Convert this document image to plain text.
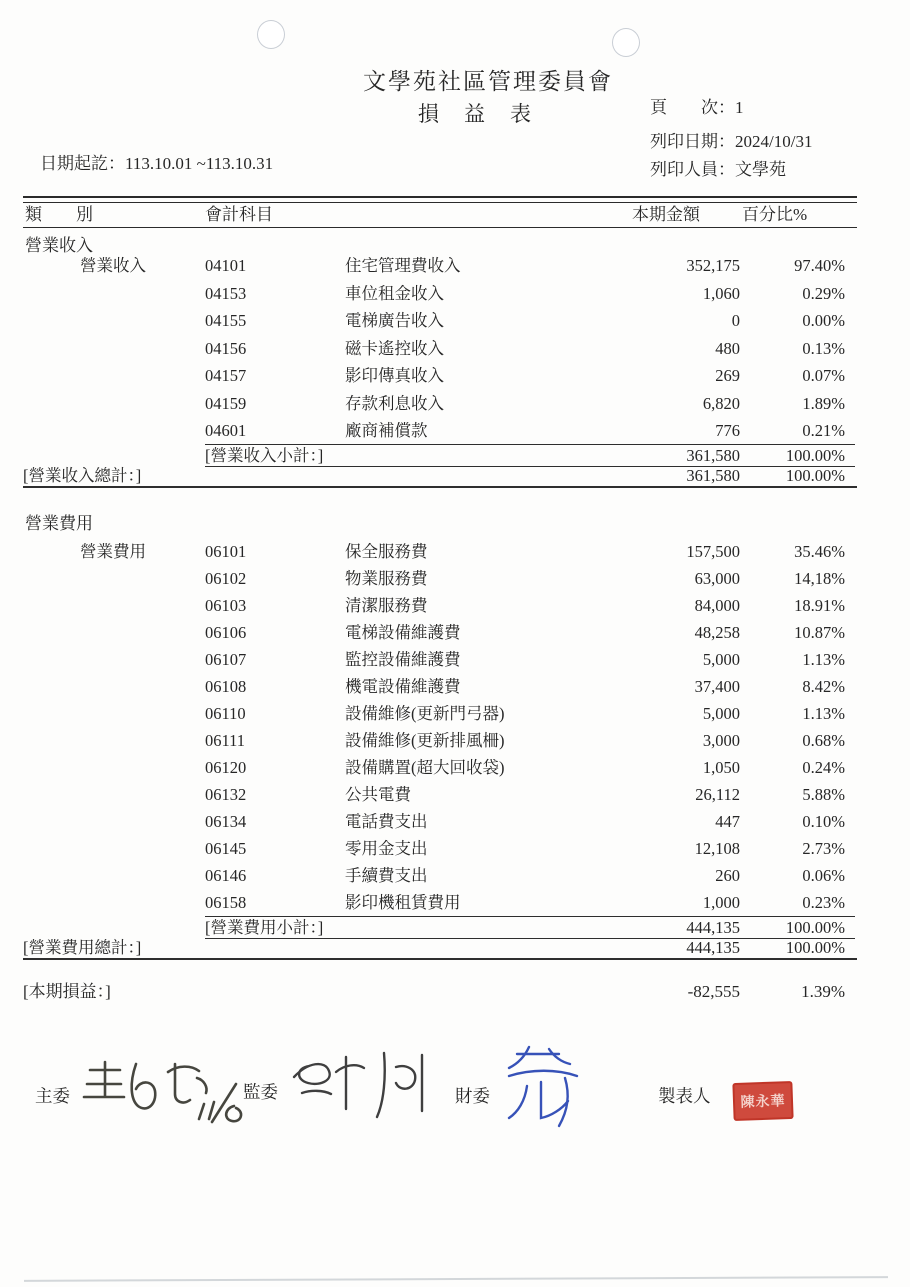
文學苑社區管理委員會
損　益　表	頁　　次：1
列印日期：2024/10/31
列印人員：文學苑
日期起訖：113.10.01 ~113.10.31
類　　別	會計科目	本期金額 百分比%
營業收入
營業收入	04101	住宅管理費收入	352,175	97.40%
04153	車位租金收入	1,060	0.29%
04155	電梯廣告收入	0	0.00%
04156	磁卡遙控收入	480	0.13%
04157	影印傳真收入	269	0.07%
04159	存款利息收入	6,820	1.89%
04601	廠商補償款	776	0.21%
[營業收入小計：]	361,580	100.00%
[營業收入總計：]	361,580	100.00%
營業費用
營業費用	06101	保全服務費	157,500	35.46%
06102	物業服務費	63,000	14,18%
06103	清潔服務費	84,000	18.91%
06106	電梯設備維護費	48,258	10.87%
06107	監控設備維護費	5,000	1.13%
06108	機電設備維護費	37,400	8.42%
06110	設備維修(更新門弓器)	5,000	1.13%
06111	設備維修(更新排風柵)	3,000	0.68%
06120	設備購置(超大回收袋)	1,050	0.24%
06132	公共電費	26,112	5.88%
06134	電話費支出	447	0.10%
06145	零用金支出	12,108	2.73%
06146	手續費支出	260	0.06%
06158	影印機租賃費用	1,000	0.23%
[營業費用小計：]	444,135	100.00%
[營業費用總計：]	444,135	100.00%
[本期損益：]	-82,555	1.39%
主委	監委	財委	製表人	陳永華
